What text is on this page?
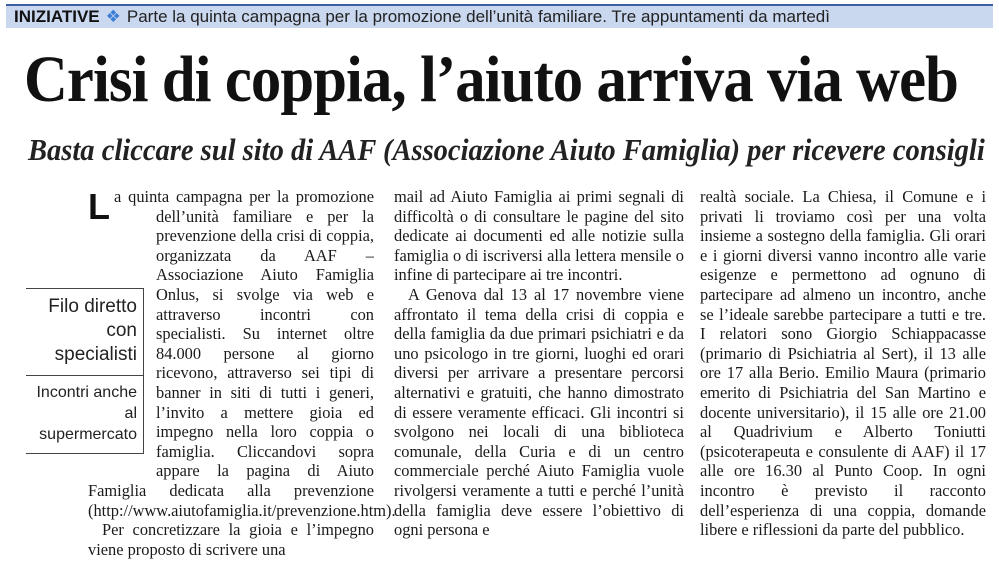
INIZIATIVE ❖ Parte la quinta campagna per la promozione dell’unità familiare. Tre appuntamenti da martedì
Crisi di coppia, l’aiuto arriva via web
Basta cliccare sul sito di AAF (Associazione Aiuto Famiglia) per ricevere consigli

La quinta campagna per la promozione dell’unità familiare e per la prevenzione della crisi di coppia, organizzata da AAF – Associazione Aiuto Famiglia Onlus, si svolge via web e attraverso incontri con specialisti. Su internet oltre 84.000 persone al giorno ricevono, attraverso sei tipi di banner in siti di tutti i generi, l’invito a mettere gioia ed impegno nella loro coppia o famiglia. Cliccandovi sopra appare la pagina di Aiuto Famiglia dedicata alla prevenzione (http://www.aiutofamiglia.it/prevenzione.htm).

Per concretizzare la gioia e l’impegno viene proposto di scrivere una

mail ad Aiuto Famiglia ai primi segnali di difficoltà o di consultare le pagine del sito dedicate ai documenti ed alle notizie sulla famiglia o di iscriversi alla lettera mensile o infine di partecipare ai tre incontri.

A Genova dal 13 al 17 novembre viene affrontato il tema della crisi di coppia e della famiglia da due primari psichiatri e da uno psicologo in tre giorni, luoghi ed orari diversi per arrivare a presentare percorsi alternativi e gratuiti, che hanno dimostrato di essere veramente efficaci. Gli incontri si svolgono nei locali di una biblioteca comunale, della Curia e di un centro commerciale perché Aiuto Famiglia vuole rivolgersi veramente a tutti e perché l’unità della famiglia deve essere l’obiettivo di ogni persona e

realtà sociale. La Chiesa, il Comune e i privati li troviamo così per una volta insieme a sostegno della famiglia. Gli orari e i giorni diversi vanno incontro alle varie esigenze e permettono ad ognuno di partecipare ad almeno un incontro, anche se l’ideale sarebbe partecipare a tutti e tre. I relatori sono Giorgio Schiappacasse (primario di Psichiatria al Sert), il 13 alle ore 17 alla Berio. Emilio Maura (primario emerito di Psichiatria del San Martino e docente universitario), il 15 alle ore 21.00 al Quadrivium e Alberto Toniutti (psicoterapeuta e consulente di AAF) il 17 alle ore 16.30 al Punto Coop. In ogni incontro è previsto il racconto dell’esperienza di una coppia, domande libere e riflessioni da parte del pubblico.

Filo diretto con specialisti
Incontri anche al supermercato
